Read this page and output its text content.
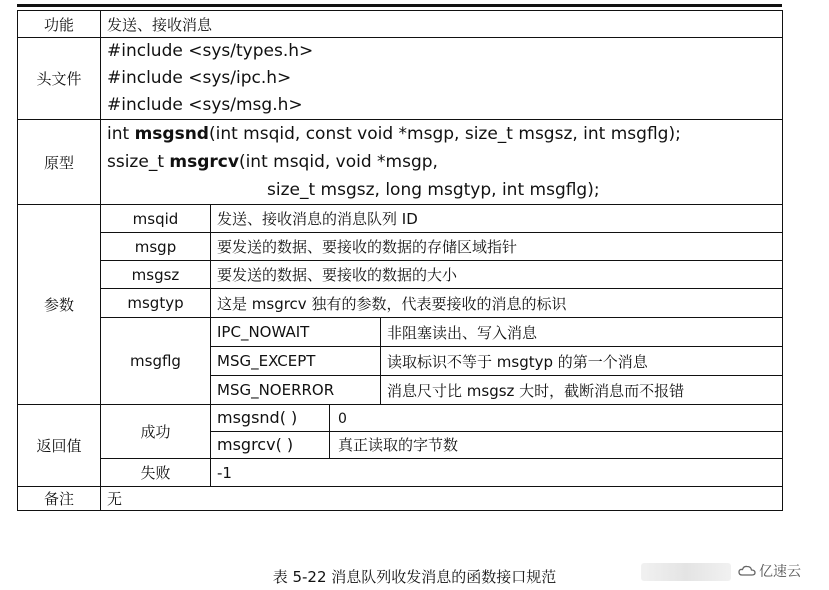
功能	发送、接收消息		
头文件	#include <sys/types.h>
#include <sys/ipc.h>
#include <sys/msg.h>		

原型	int msgsnd(int msqid, const void *msgp, size_t msgsz, int msgflg);
ssize_t msgrcv(int msqid, void *msgp,
size_t msgsz, long msgtyp, int msgflg);		

参数	msqid	发送、接收消息的消息队列 ID	
	msgp	要发送的数据、要接收的数据的存储区域指针	
	msgsz	要发送的数据、要接收的数据的大小	
	msgtyp	这是 msgrcv 独有的参数，代表要接收的消息的标识	
	msgflg	IPC_NOWAIT	非阻塞读出、写入消息
		MSG_EXCEPT	读取标识不等于 msgtyp 的第一个消息
		MSG_NOERROR	消息尺寸比 msgsz 大时，截断消息而不报错
返回值	成功	msgsnd( ) 0	
		msgrcv( ) 真正读取的字节数	
	失败	-1	
备注	无		
表 5-22 消息队列收发消息的函数接口规范	亿速云
